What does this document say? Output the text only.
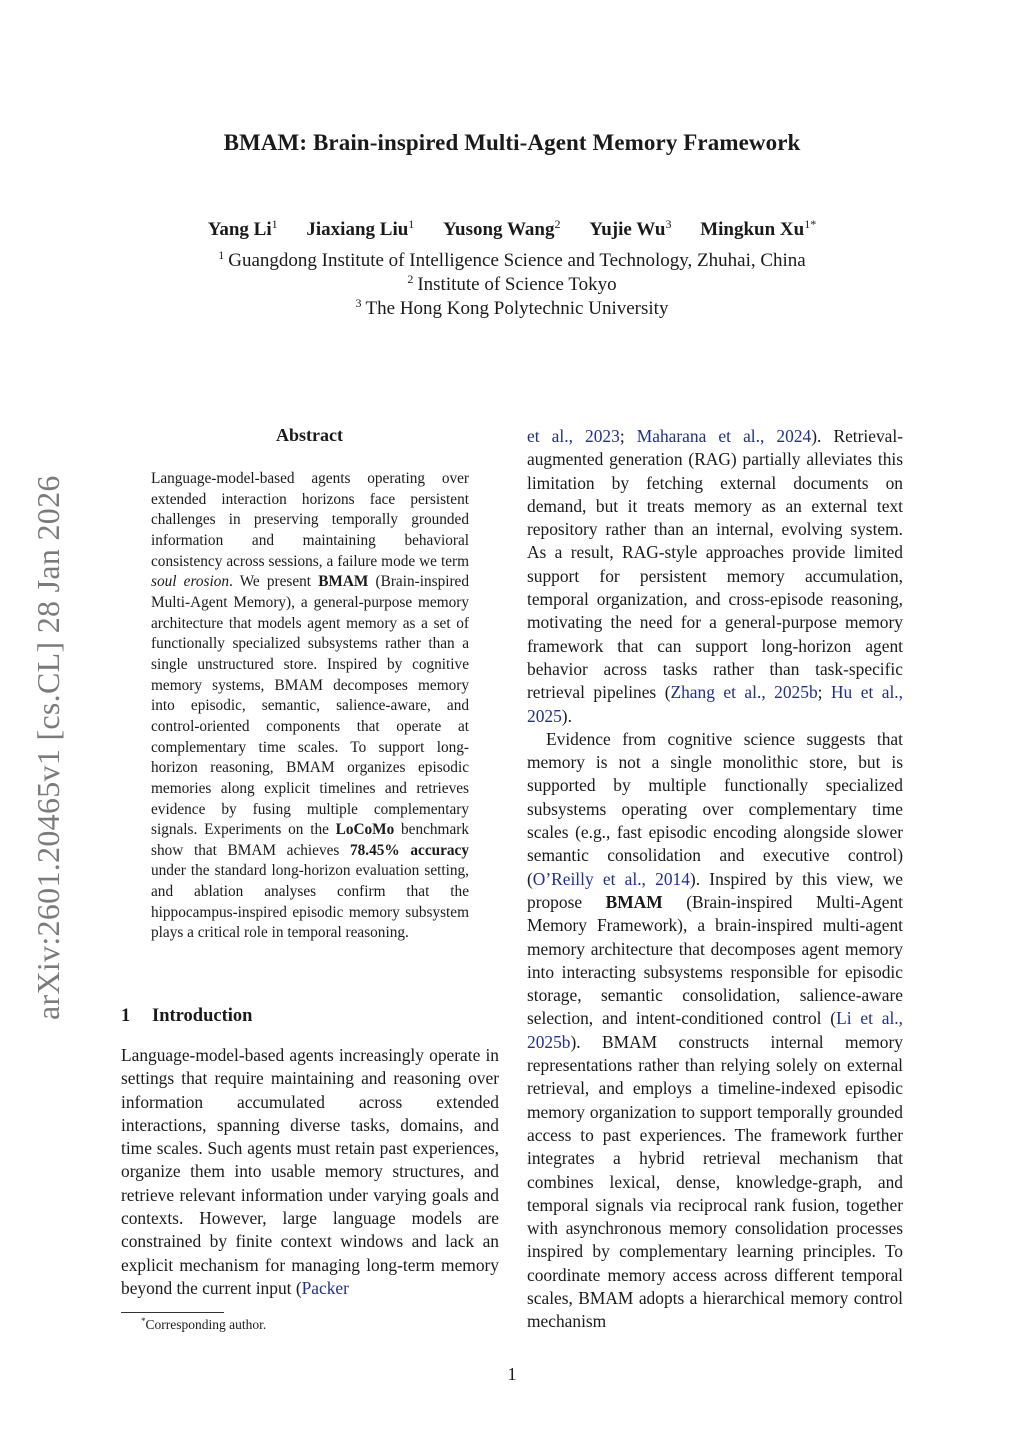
BMAM: Brain-inspired Multi-Agent Memory Framework
Yang Li$^1$ Jiaxiang Liu$^1$ Yusong Wang$^2$ Yujie Wu$^3$ Mingkun $Xu^{1*}$
$^1$ Guangdong Institute of Intelligence Science and Technology, Zhuhai, China
$^2$ Institute of Science Tokyo
$^3$ The Hong Kong Polytechnic University
arXiv:2601.20465v1 [cs.CL] 28 Jan 2026
Abstract
Language-model-based agents operating over extended interaction horizons face persistent challenges in preserving temporally grounded information and maintaining behavioral consistency across sessions, a failure mode we term soul erosion. We present BMAM (Brain-inspired Multi-Agent Memory), a general-purpose memory architecture that models agent memory as a set of functionally specialized subsystems rather than a single unstructured store. Inspired by cognitive memory systems, BMAM decomposes memory into episodic, semantic, salience-aware, and control-oriented components that operate at complementary time scales. To support long-horizon reasoning, BMAM organizes episodic memories along explicit timelines and retrieves evidence by fusing multiple complementary signals. Experiments on the LoCoMo benchmark show that BMAM achieves 78.45% accuracy under the standard long-horizon evaluation setting, and ablation analyses confirm that the hippocampus-inspired episodic memory subsystem plays a critical role in temporal reasoning.
1 Introduction
Language-model-based agents increasingly operate in settings that require maintaining and reasoning over information accumulated across extended interactions, spanning diverse tasks, domains, and time scales. Such agents must retain past experiences, organize them into usable memory structures, and retrieve relevant information under varying goals and contexts. However, large language models are constrained by finite context windows and lack an explicit mechanism for managing long-term memory beyond the current input (Packer

et al., 2023; Maharana et al., 2024). Retrieval-augmented generation (RAG) partially alleviates this limitation by fetching external documents on demand, but it treats memory as an external text repository rather than an internal, evolving system. As a result, RAG-style approaches provide limited support for persistent memory accumulation, temporal organization, and cross-episode reasoning, motivating the need for a general-purpose memory framework that can support long-horizon agent behavior across tasks rather than task-specific retrieval pipelines (Zhang et al., 2025b; Hu et al., 2025).

Evidence from cognitive science suggests that memory is not a single monolithic store, but is supported by multiple functionally specialized subsystems operating over complementary time scales (e.g., fast episodic encoding alongside slower semantic consolidation and executive control) (O’Reilly et al., 2014). Inspired by this view, we propose BMAM (Brain-inspired Multi-Agent Memory Framework), a brain-inspired multi-agent memory architecture that decomposes agent memory into interacting subsystems responsible for episodic storage, semantic consolidation, salience-aware selection, and intent-conditioned control (Li et al., 2025b). BMAM constructs internal memory representations rather than relying solely on external retrieval, and employs a timeline-indexed episodic memory organization to support temporally grounded access to past experiences. The framework further integrates a hybrid retrieval mechanism that combines lexical, dense, knowledge-graph, and temporal signals via reciprocal rank fusion, together with asynchronous memory consolidation processes inspired by complementary learning principles. To coordinate memory access across different temporal scales, BMAM adopts a hierarchical memory control mechanism

*Corresponding author.
1
